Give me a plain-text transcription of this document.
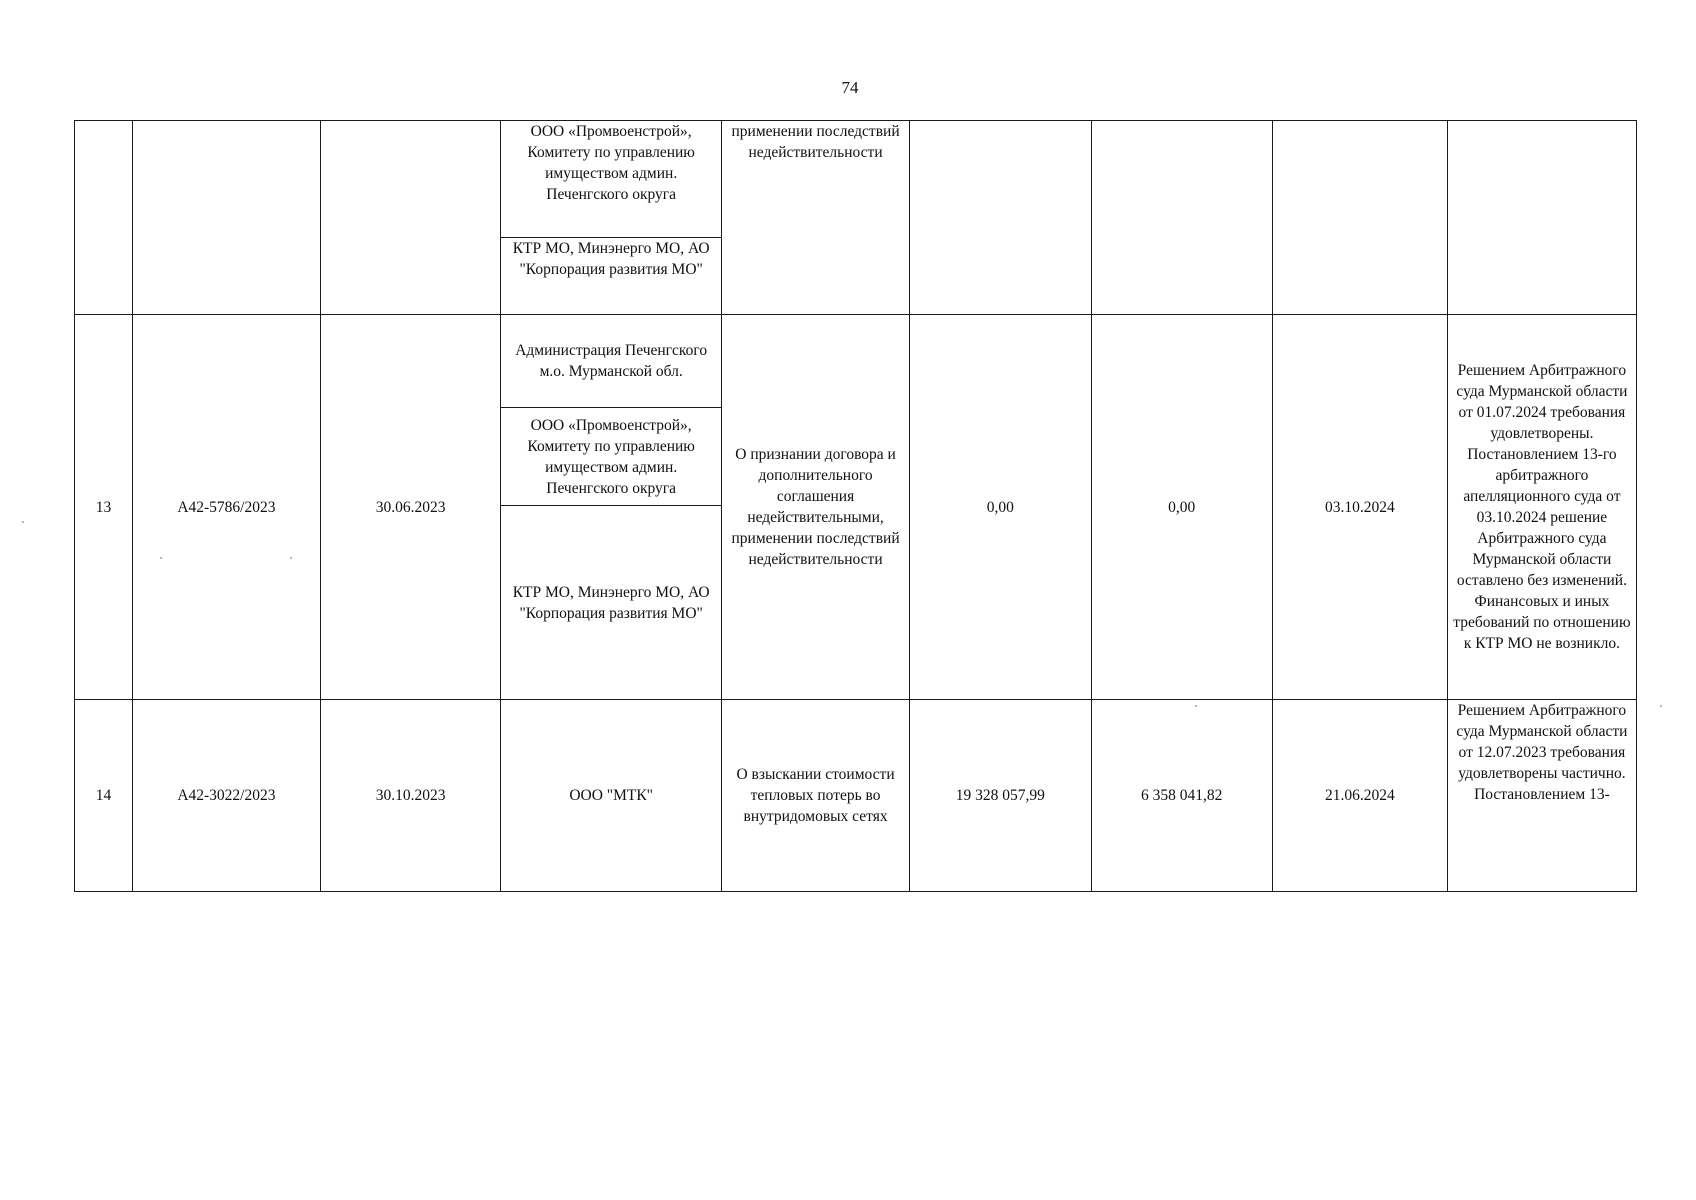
74
			ООО «Промвоенстрой», Комитету по управлению имуществом админ. Печенгского округа	применении последствий недействительности				
			КТР МО, Минэнерго МО, АО "Корпорация развития МО"					
13	А42-5786/2023	30.06.2023	Администрация Печенгского м.о. Мурманской обл.	О признании договора и дополнительного соглашения недействительными, применении последствий недействительности	0,00	0,00	03.10.2024	Решением Арбитражного суда Мурманской области от 01.07.2024 требования удовлетворены. Постановлением 13-го арбитражного апелляционного суда от 03.10.2024 решение Арбитражного суда Мурманской области оставлено без изменений. Финансовых и иных требований по отношению к КТР МО не возникло.
			ООО «Промвоенстрой», Комитету по управлению имуществом админ. Печенгского округа					
			КТР МО, Минэнерго МО, АО "Корпорация развития МО"					
14	А42-3022/2023	30.10.2023	ООО "МТК"	О взыскании стоимости тепловых потерь во внутридомовых сетях	19 328 057,99	6 358 041,82	21.06.2024	Решением Арбитражного суда Мурманской области от 12.07.2023 требования удовлетворены частично. Постановлением 13-
